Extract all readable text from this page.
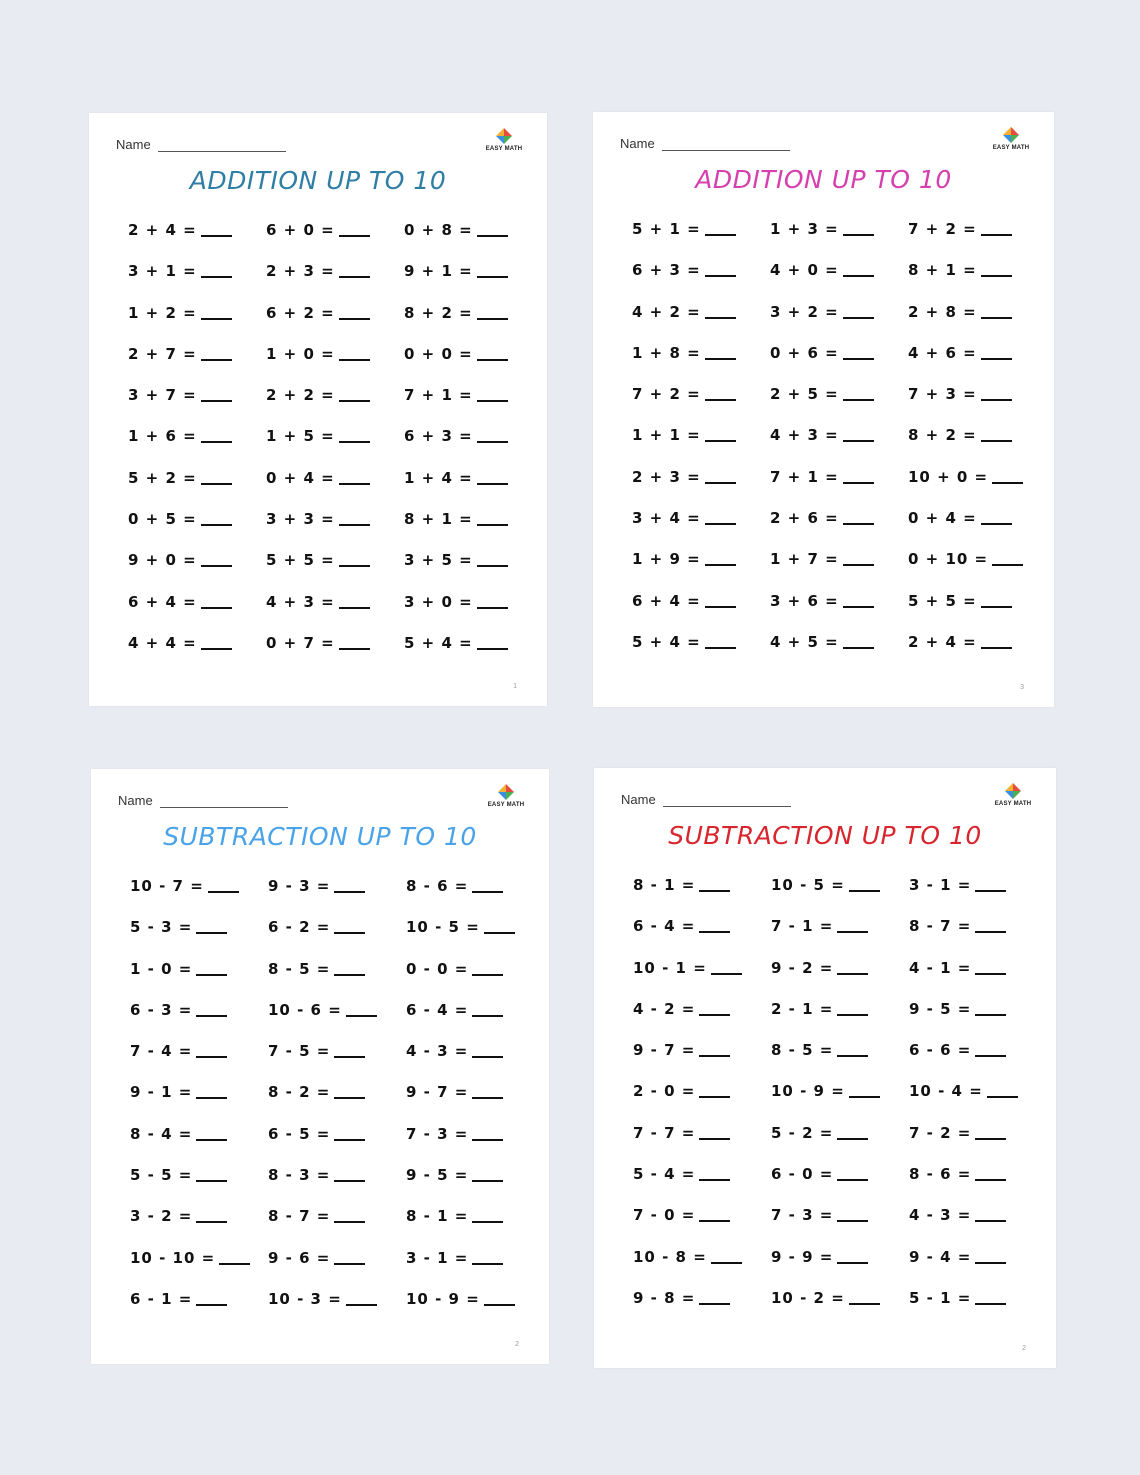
Name	EASY MATH
ADDITION UP TO 10
2 + 4 =	6 + 0 =	0 + 8 =
3 + 1 =	2 + 3 =	9 + 1 =
1 + 2 =	6 + 2 =	8 + 2 =
2 + 7 =	1 + 0 =	0 + 0 =
3 + 7 =	2 + 2 =	7 + 1 =
1 + 6 =	1 + 5 =	6 + 3 =
5 + 2 =	0 + 4 =	1 + 4 =
0 + 5 =	3 + 3 =	8 + 1 =
9 + 0 =	5 + 5 =	3 + 5 =
6 + 4 =	4 + 3 =	3 + 0 =
4 + 4 =	0 + 7 =	5 + 4 =
1
Name	EASY MATH
ADDITION UP TO 10
5 + 1 =	1 + 3 =	7 + 2 =
6 + 3 =	4 + 0 =	8 + 1 =
4 + 2 =	3 + 2 =	2 + 8 =
1 + 8 =	0 + 6 =	4 + 6 =
7 + 2 =	2 + 5 =	7 + 3 =
1 + 1 =	4 + 3 =	8 + 2 =
2 + 3 =	7 + 1 =	10 + 0 =
3 + 4 =	2 + 6 =	0 + 4 =
1 + 9 =	1 + 7 =	0 + 10 =
6 + 4 =	3 + 6 =	5 + 5 =
5 + 4 =	4 + 5 =	2 + 4 =
3
Name	EASY MATH
SUBTRACTION UP TO 10
10 - 7 =	9 - 3 =	8 - 6 =
5 - 3 =	6 - 2 =	10 - 5 =
1 - 0 =	8 - 5 =	0 - 0 =
6 - 3 =	10 - 6 =	6 - 4 =
7 - 4 =	7 - 5 =	4 - 3 =
9 - 1 =	8 - 2 =	9 - 7 =
8 - 4 =	6 - 5 =	7 - 3 =
5 - 5 =	8 - 3 =	9 - 5 =
3 - 2 =	8 - 7 =	8 - 1 =
10 - 10 =	9 - 6 =	3 - 1 =
6 - 1 =	10 - 3 =	10 - 9 =
2
Name	EASY MATH
SUBTRACTION UP TO 10
8 - 1 =	10 - 5 =	3 - 1 =
6 - 4 =	7 - 1 =	8 - 7 =
10 - 1 =	9 - 2 =	4 - 1 =
4 - 2 =	2 - 1 =	9 - 5 =
9 - 7 =	8 - 5 =	6 - 6 =
2 - 0 =	10 - 9 =	10 - 4 =
7 - 7 =	5 - 2 =	7 - 2 =
5 - 4 =	6 - 0 =	8 - 6 =
7 - 0 =	7 - 3 =	4 - 3 =
10 - 8 =	9 - 9 =	9 - 4 =
9 - 8 =	10 - 2 =	5 - 1 =
2
